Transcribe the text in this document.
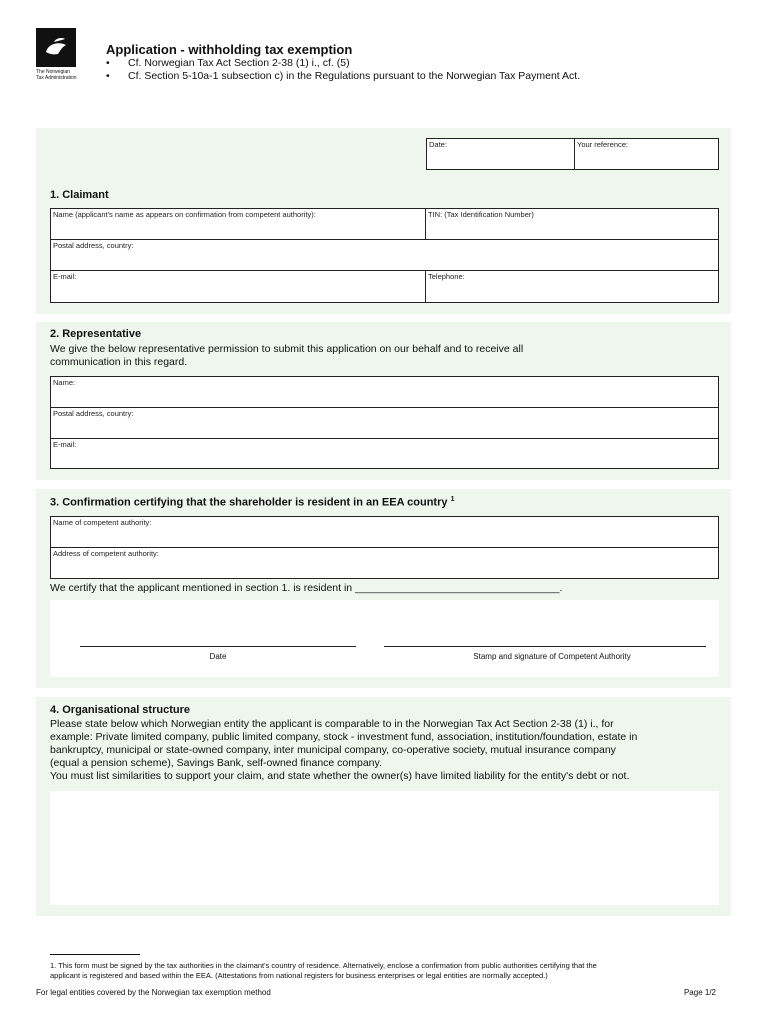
The Norwegian
Tax Administration
Application - withholding tax exemption
• Cf. Norwegian Tax Act Section 2-38 (1) i., cf. (5)
• Cf. Section 5-10a-1 subsection c) in the Regulations pursuant to the Norwegian Tax Payment Act.
Date:	Your reference:
1. Claimant
Name (applicant's name as appears on confirmation from competent authority):	TIN: (Tax Identification Number)
Postal address, country:
E-mail:	Telephone:
2. Representative
We give the below representative permission to submit this application on our behalf and to receive all
communication in this regard.
Name:
Postal address, country:
E-mail:
3. Confirmation certifying that the shareholder is resident in an EEA country $^1$
Name of competent authority:
Address of competent authority:
We certify that the applicant mentioned in section 1. is resident in ___________________________________.
Date	Stamp and signature of Competent Authority
4. Organisational structure
Please state below which Norwegian entity the applicant is comparable to in the Norwegian Tax Act Section 2-38 (1) i., for
example: Private limited company, public limited company, stock - investment fund, association, institution/foundation, estate in
bankruptcy, municipal or state-owned company, inter municipal company, co-operative society, mutual insurance company
(equal a pension scheme), Savings Bank, self-owned finance company.
You must list similarities to support your claim, and state whether the owner(s) have limited liability for the entity's debt or not.
1. This form must be signed by the tax authorities in the claimant's country of residence. Alternatively, enclose a confirmation from public authorities certifying that the
applicant is registered and based within the EEA. (Attestations from national registers for business enterprises or legal entities are normally accepted.)
For legal entities covered by the Norwegian tax exemption method	Page 1/2
